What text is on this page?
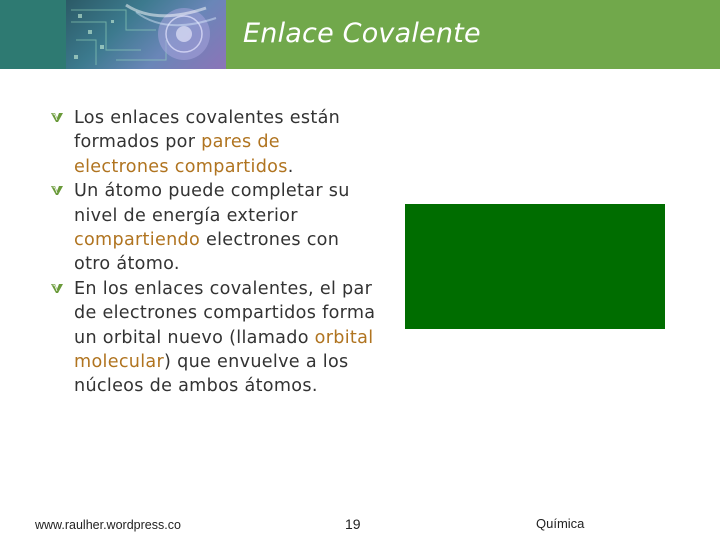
Enlace Covalente
Los enlaces covalentes están formados por pares de electrones compartidos.
Un átomo puede completar su nivel de energía exterior compartiendo electrones con otro átomo.
En los enlaces covalentes, el par de electrones compartidos forma un orbital nuevo (llamado orbital molecular) que envuelve a los núcleos de ambos átomos.
www.raulher.wordpress.co	19	Química
